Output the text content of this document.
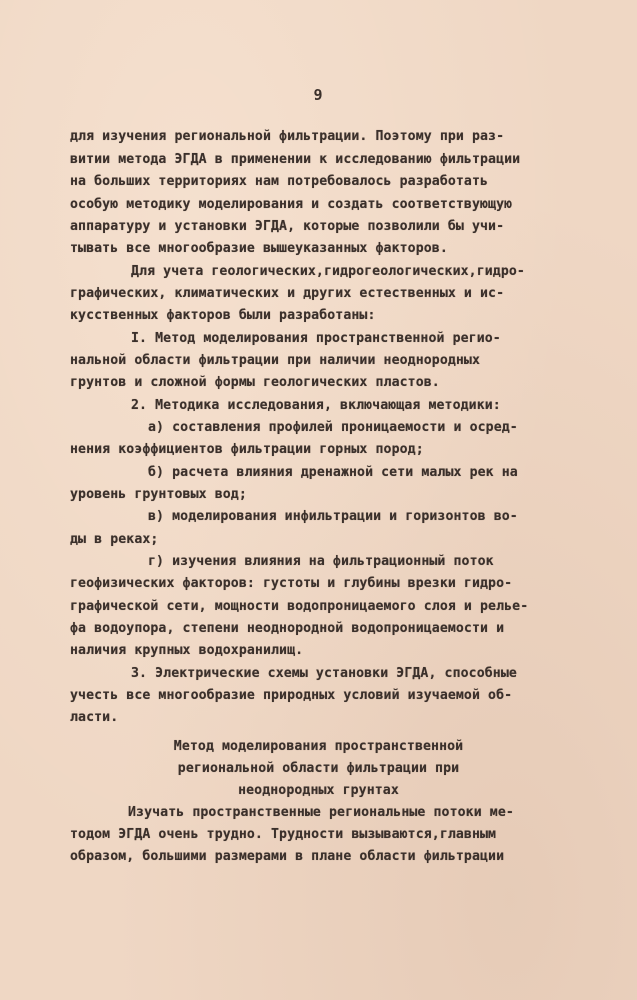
9
для изучения региональной фильтрации. Поэтому при раз-
витии метода ЭГДА в применении к исследованию фильтрации
на больших территориях нам потребовалось разработать
особую методику моделирования и создать соответствующую
аппаратуру и установки ЭГДА, которые позволили бы учи-
тывать все многообразие вышеуказанных факторов.
Для учета геологических,гидрогеологических,гидро-
графических, климатических и других естественных и ис-
кусственных факторов были разработаны:
I. Метод моделирования пространственной регио-
нальной области фильтрации при наличии неоднородных
грунтов и сложной формы геологических пластов.
2. Методика исследования, включающая методики:
а) составления профилей проницаемости и осред-
нения коэффициентов фильтрации горных пород;
б) расчета влияния дренажной сети малых рек на
уровень грунтовых вод;
в) моделирования инфильтрации и горизонтов во-
ды в реках;
г) изучения влияния на фильтрационный поток
геофизических факторов: густоты и глубины врезки гидро-
графической сети, мощности водопроницаемого слоя и релье-
фа водоупора, степени неоднородной водопроницаемости и
наличия крупных водохранилищ.
3. Электрические схемы установки ЭГДА, способные
учесть все многообразие природных условий изучаемой об-
ласти.
Метод моделирования пространственной
региональной области фильтрации при
неоднородных грунтах
Изучать пространственные региональные потоки ме-
тодом ЭГДА очень трудно. Трудности вызываются,главным
образом, большими размерами в плане области фильтрации
